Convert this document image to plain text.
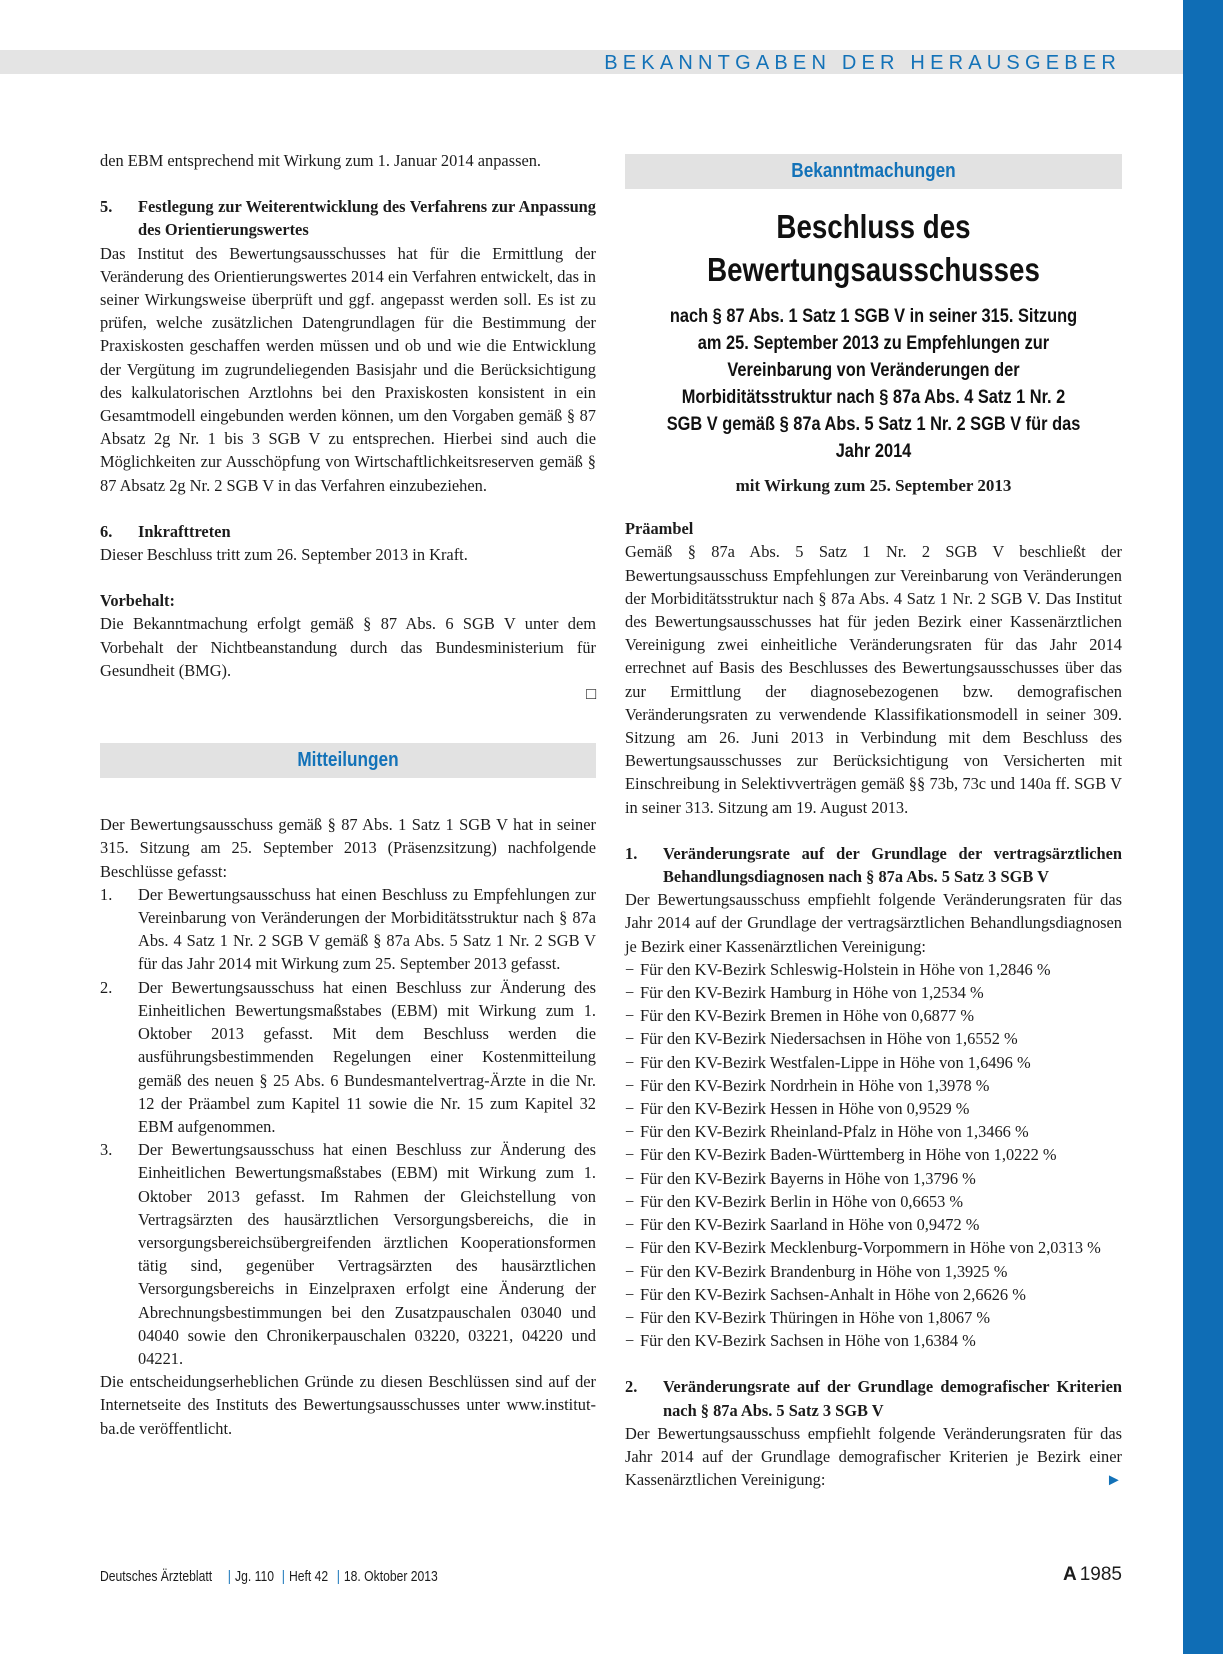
BEKANNTGABEN DER HERAUSGEBER

den EBM entsprechend mit Wirkung zum 1. Januar 2014 anpassen.

5.	Festlegung zur Weiterentwicklung des Verfahrens zur Anpassung des Orientierungswertes

Das Institut des Bewertungsausschusses hat für die Ermittlung der Veränderung des Orientierungswertes 2014 ein Verfahren entwickelt, das in seiner Wirkungsweise überprüft und ggf. angepasst werden soll. Es ist zu prüfen, welche zusätzlichen Datengrundlagen für die Bestimmung der Praxiskosten geschaffen werden müssen und ob und wie die Entwicklung der Vergütung im zugrundeliegenden Basisjahr und die Berücksichtigung des kalkulatorischen Arztlohns bei den Praxiskosten konsistent in ein Gesamtmodell eingebunden werden können, um den Vorgaben gemäß § 87 Absatz 2g Nr. 1 bis 3 SGB V zu entsprechen. Hierbei sind auch die Möglichkeiten zur Ausschöpfung von Wirtschaftlichkeitsreserven gemäß § 87 Absatz 2g Nr. 2 SGB V in das Verfahren einzubeziehen.

6.	Inkrafttreten

Dieser Beschluss tritt zum 26. September 2013 in Kraft.

Vorbehalt:

Die Bekanntmachung erfolgt gemäß § 87 Abs. 6 SGB V unter dem Vorbehalt der Nichtbeanstandung durch das Bundesministerium für Gesundheit (BMG).

□
Mitteilungen

Der Bewertungsausschuss gemäß § 87 Abs. 1 Satz 1 SGB V hat in seiner 315. Sitzung am 25. September 2013 (Präsenzsitzung) nachfolgende Beschlüsse gefasst:

1.	Der Bewertungsausschuss hat einen Beschluss zu Empfehlungen zur Vereinbarung von Veränderungen der Morbiditätsstruktur nach § 87a Abs. 4 Satz 1 Nr. 2 SGB V gemäß § 87a Abs. 5 Satz 1 Nr. 2 SGB V für das Jahr 2014 mit Wirkung zum 25. September 2013 gefasst.
2.	Der Bewertungsausschuss hat einen Beschluss zur Änderung des Einheitlichen Bewertungsmaßstabes (EBM) mit Wirkung zum 1. Oktober 2013 gefasst. Mit dem Beschluss werden die ausführungsbestimmenden Regelungen einer Kostenmitteilung gemäß des neuen § 25 Abs. 6 Bundesmantelvertrag-Ärzte in die Nr. 12 der Präambel zum Kapitel 11 sowie die Nr. 15 zum Kapitel 32 EBM aufgenommen.
3.	Der Bewertungsausschuss hat einen Beschluss zur Änderung des Einheitlichen Bewertungsmaßstabes (EBM) mit Wirkung zum 1. Oktober 2013 gefasst. Im Rahmen der Gleichstellung von Vertragsärzten des hausärztlichen Versorgungsbereichs, die in versorgungsbereichsübergreifenden ärztlichen Kooperationsformen tätig sind, gegenüber Vertragsärzten des hausärztlichen Versorgungsbereichs in Einzelpraxen erfolgt eine Änderung der Abrechnungsbestimmungen bei den Zusatzpauschalen 03040 und 04040 sowie den Chronikerpauschalen 03220, 03221, 04220 und 04221.

Die entscheidungserheblichen Gründe zu diesen Beschlüssen sind auf der Internetseite des Instituts des Bewertungsausschusses unter www.institut-ba.de veröffentlicht.

Bekanntmachungen
Beschluss des Bewertungsausschusses
nach § 87 Abs. 1 Satz 1 SGB V in seiner 315. Sitzung am 25. September 2013 zu Empfehlungen zur Vereinbarung von Veränderungen der Morbiditätsstruktur nach § 87a Abs. 4 Satz 1 Nr. 2 SGB V gemäß § 87a Abs. 5 Satz 1 Nr. 2 SGB V für das Jahr 2014
mit Wirkung zum 25. September 2013
Präambel

Gemäß § 87a Abs. 5 Satz 1 Nr. 2 SGB V beschließt der Bewertungsausschuss Empfehlungen zur Vereinbarung von Veränderungen der Morbiditätsstruktur nach § 87a Abs. 4 Satz 1 Nr. 2 SGB V. Das Institut des Bewertungsausschusses hat für jeden Bezirk einer Kassenärztlichen Vereinigung zwei einheitliche Veränderungsraten für das Jahr 2014 errechnet auf Basis des Beschlusses des Bewertungsausschusses über das zur Ermittlung der diagnosebezogenen bzw. demografischen Veränderungsraten zu verwendende Klassifikationsmodell in seiner 309. Sitzung am 26. Juni 2013 in Verbindung mit dem Beschluss des Bewertungsausschusses zur Berücksichtigung von Versicherten mit Einschreibung in Selektivverträgen gemäß §§ 73b, 73c und 140a ff. SGB V in seiner 313. Sitzung am 19. August 2013.

1.	Veränderungsrate auf der Grundlage der vertragsärztlichen Behandlungsdiagnosen nach § 87a Abs. 5 Satz 3 SGB V

Der Bewertungsausschuss empfiehlt folgende Veränderungsraten für das Jahr 2014 auf der Grundlage der vertragsärztlichen Behandlungsdiagnosen je Bezirk einer Kassenärztlichen Vereinigung:

− Für den KV-Bezirk Schleswig-Holstein in Höhe von 1,2846 %
− Für den KV-Bezirk Hamburg in Höhe von 1,2534 %
− Für den KV-Bezirk Bremen in Höhe von 0,6877 %
− Für den KV-Bezirk Niedersachsen in Höhe von 1,6552 %
− Für den KV-Bezirk Westfalen-Lippe in Höhe von 1,6496 %
− Für den KV-Bezirk Nordrhein in Höhe von 1,3978 %
− Für den KV-Bezirk Hessen in Höhe von 0,9529 %
− Für den KV-Bezirk Rheinland-Pfalz in Höhe von 1,3466 %
− Für den KV-Bezirk Baden-Württemberg in Höhe von 1,0222 %
− Für den KV-Bezirk Bayerns in Höhe von 1,3796 %
− Für den KV-Bezirk Berlin in Höhe von 0,6653 %
− Für den KV-Bezirk Saarland in Höhe von 0,9472 %
− Für den KV-Bezirk Mecklenburg-Vorpommern in Höhe von 2,0313 %
− Für den KV-Bezirk Brandenburg in Höhe von 1,3925 %
− Für den KV-Bezirk Sachsen-Anhalt in Höhe von 2,6626 %
− Für den KV-Bezirk Thüringen in Höhe von 1,8067 %
− Für den KV-Bezirk Sachsen in Höhe von 1,6384 %
2.	Veränderungsrate auf der Grundlage demografischer Kriterien nach § 87a Abs. 5 Satz 3 SGB V

Der Bewertungsausschuss empfiehlt folgende Veränderungsraten für das Jahr 2014 auf der Grundlage demografischer Kriterien je Bezirk einer Kassenärztlichen Vereinigung:	►

Deutsches Ärzteblatt | Jg. 110 | Heft 42 | 18. Oktober 2013	A 1985
